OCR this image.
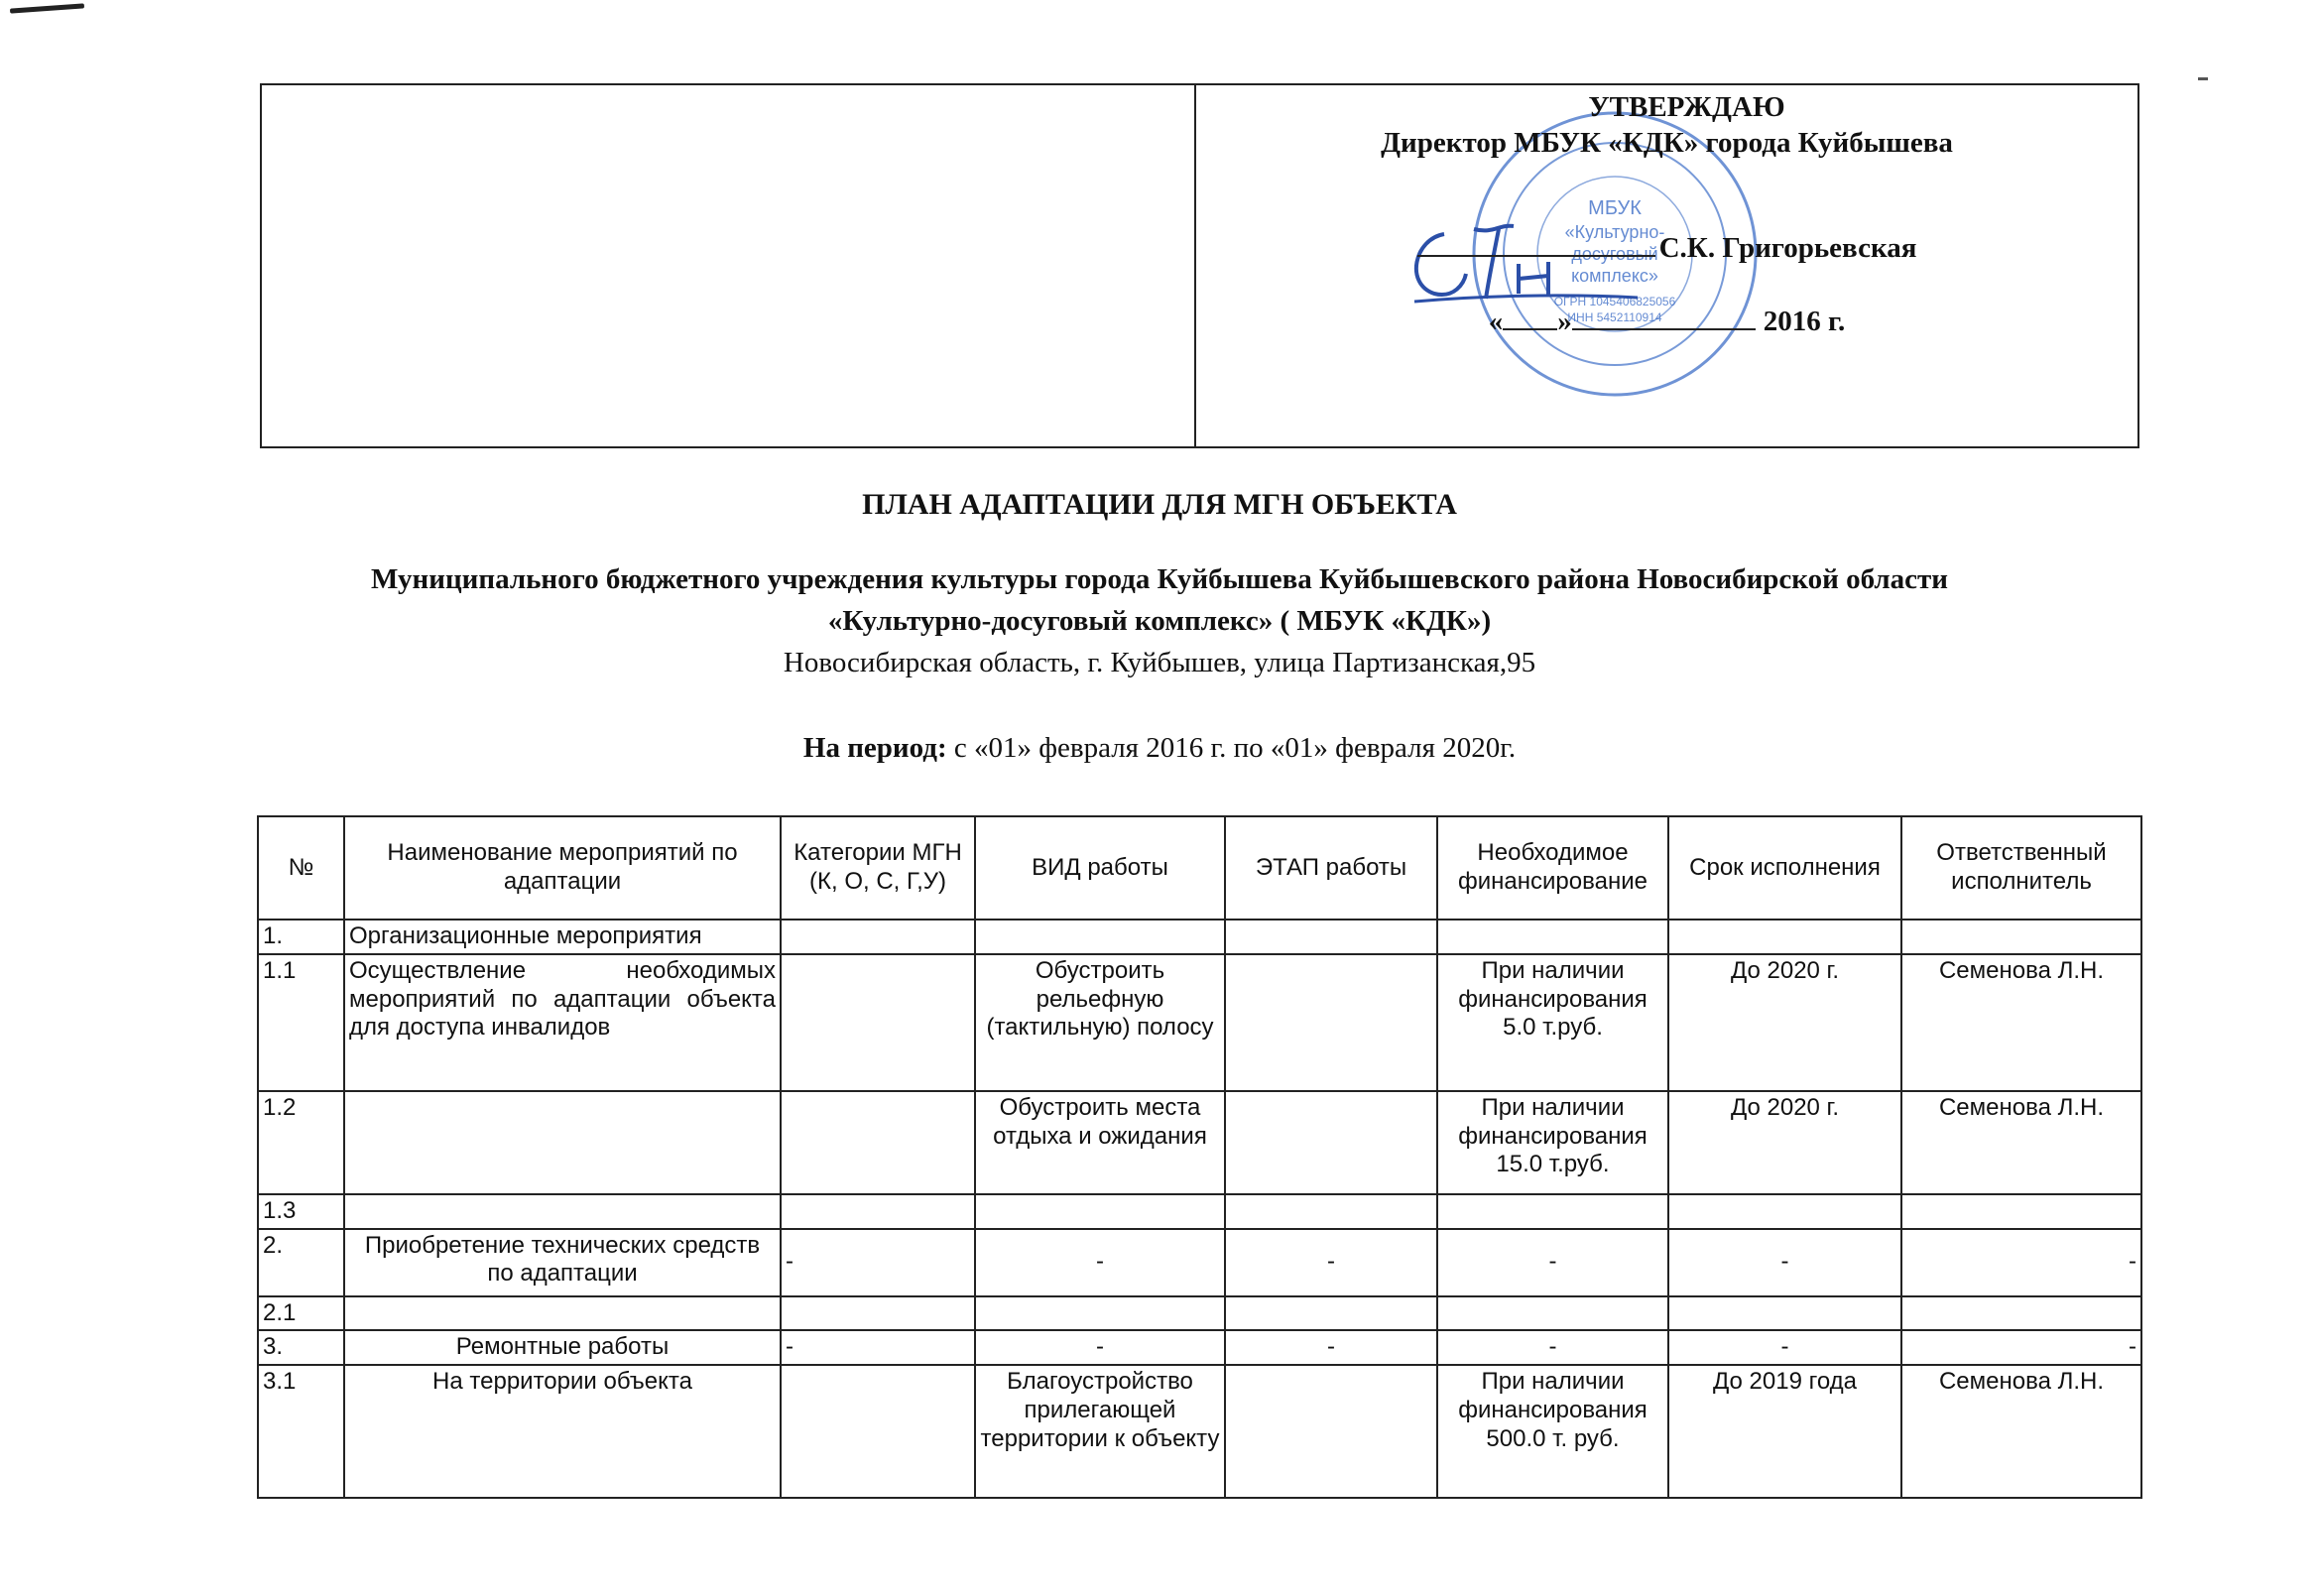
МБУК
«Культурно-
досуговый
комплекс»
ОГРН 1045406825056
ИНН 5452110914
УТВЕРЖДАЮ
Директор МБУК «КДК» города Куйбышева
С.К. Григорьевская
« »	2016 г.
ПЛАН АДАПТАЦИИ ДЛЯ МГН ОБЪЕКТА
Муниципального бюджетного учреждения культуры города Куйбышева Куйбышевского района Новосибирской области
«Культурно-досуговый комплекс» ( МБУК «КДК»)
Новосибирская область, г. Куйбышев, улица Партизанская,95
На период: с «01» февраля 2016 г. по «01» февраля 2020г.
№	Наименование мероприятий по адаптации	Категории МГН (К, О, С, Г,У)	ВИД работы	ЭТАП работы	Необходимое финансирование	Срок исполнения	Ответственный исполнитель
1.	Организационные мероприятия						
1.1	Осуществление необходимых мероприятий по адаптации объекта для доступа инвалидов		Обустроить рельефную (тактильную) полосу		При наличии финансирования 5.0 т.руб.	До 2020 г.	Семенова Л.Н.
1.2			Обустроить места отдыха и ожидания		При наличии финансирования 15.0 т.руб.	До 2020 г.	Семенова Л.Н.
1.3							
2.	Приобретение технических средств по адаптации	-	-	-	-	-	-
2.1							
3.	Ремонтные работы	-	-	-	-	-	-
3.1	На территории объекта		Благоустройство прилегающей территории к объекту		При наличии финансирования 500.0 т. руб.	До 2019 года	Семенова Л.Н.
